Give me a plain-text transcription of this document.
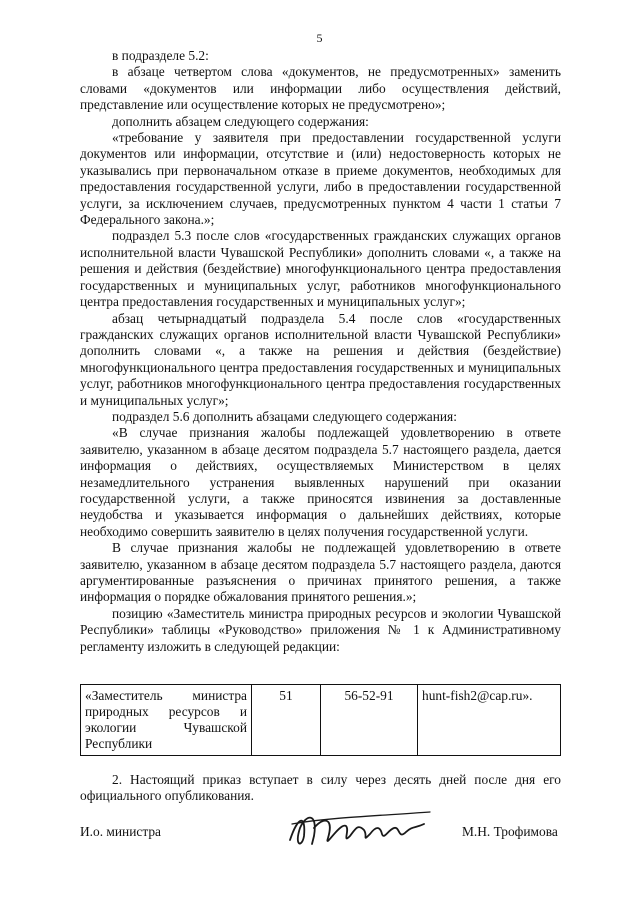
5

в подразделе 5.2:

в абзаце четвертом слова «документов, не предусмотренных» заменить словами «документов или информации либо осуществления действий, представление или осуществление которых не предусмотрено»;

дополнить абзацем следующего содержания:

«требование у заявителя при предоставлении государственной услуги документов или информации, отсутствие и (или) недостоверность которых не указывались при первоначальном отказе в приеме документов, необходимых для предоставления государственной услуги, либо в предоставлении государственной услуги, за исключением случаев, предусмотренных пунктом 4 части 1 статьи 7 Федерального закона.»;

подраздел 5.3 после слов «государственных гражданских служащих органов исполнительной власти Чувашской Республики» дополнить словами «, а также на решения и действия (бездействие) многофункционального центра предоставления государственных и муниципальных услуг, работников многофункционального центра предоставления государственных и муниципальных услуг»;

абзац четырнадцатый подраздела 5.4 после слов «государственных гражданских служащих органов исполнительной власти Чувашской Республики» дополнить словами «, а также на решения и действия (бездействие) многофункционального центра предоставления государственных и муниципальных услуг, работников многофункционального центра предоставления государственных и муниципальных услуг»;

подраздел 5.6 дополнить абзацами следующего содержания:

«В случае признания жалобы подлежащей удовлетворению в ответе заявителю, указанном в абзаце десятом подраздела 5.7 настоящего раздела, дается информация о действиях, осуществляемых Министерством в целях незамедлительного устранения выявленных нарушений при оказании государственной услуги, а также приносятся извинения за доставленные неудобства и указывается информация о дальнейших действиях, которые необходимо совершить заявителю в целях получения государственной услуги.

В случае признания жалобы не подлежащей удовлетворению в ответе заявителю, указанном в абзаце десятом подраздела 5.7 настоящего раздела, даются аргументированные разъяснения о причинах принятого решения, а также информация о порядке обжалования принятого решения.»;

позицию «Заместитель министра природных ресурсов и экологии Чувашской Республики» таблицы «Руководство» приложения № 1 к Административному регламенту изложить в следующей редакции:

«Заместитель министра природных ресурсов и экологии Чувашской Республики	51	56-52-91	hunt-fish2@cap.ru».

2. Настоящий приказ вступает в силу через десять дней после дня его официального опубликования.

И.о. министра	М.Н. Трофимова
